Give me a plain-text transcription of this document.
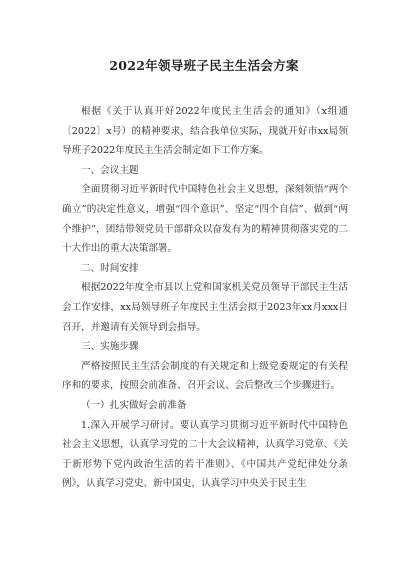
2022年领导班子民主生活会方案

根据《关于认真开好2022年度民主生活会的通知》（x组通〔2022〕x号）的精神要求，结合我单位实际，现就开好市xx局领导班子2022年度民主生活会制定如下工作方案。

一、会议主题

全面贯彻习近平新时代中国特色社会主义思想，深刻领悟“两个确立”的决定性意义，增强“四个意识”、坚定“四个自信”、做到“两个维护”，团结带领党员干部群众以奋发有为的精神贯彻落实党的二十大作出的重大决策部署。

二、时间安排

根据2022年度全市县以上党和国家机关党员领导干部民主生活会工作安排，xx局领导班子年度民主生活会拟于2023年xx月xxx日召开，并邀请有关领导到会指导。

三、实施步骤

严格按照民主生活会制度的有关规定和上级党委规定的有关程序和的要求，按照会前准备、召开会议、会后整改三个步骤进行。

（一）扎实做好会前准备

1.深入开展学习研讨。要认真学习贯彻习近平新时代中国特色社会主义思想，认真学习党的二十大会议精神，认真学习党章、《关于新形势下党内政治生活的若干准则》、《中国共产党纪律处分条例》，认真学习党史、新中国史，认真学习中央关于民主生
